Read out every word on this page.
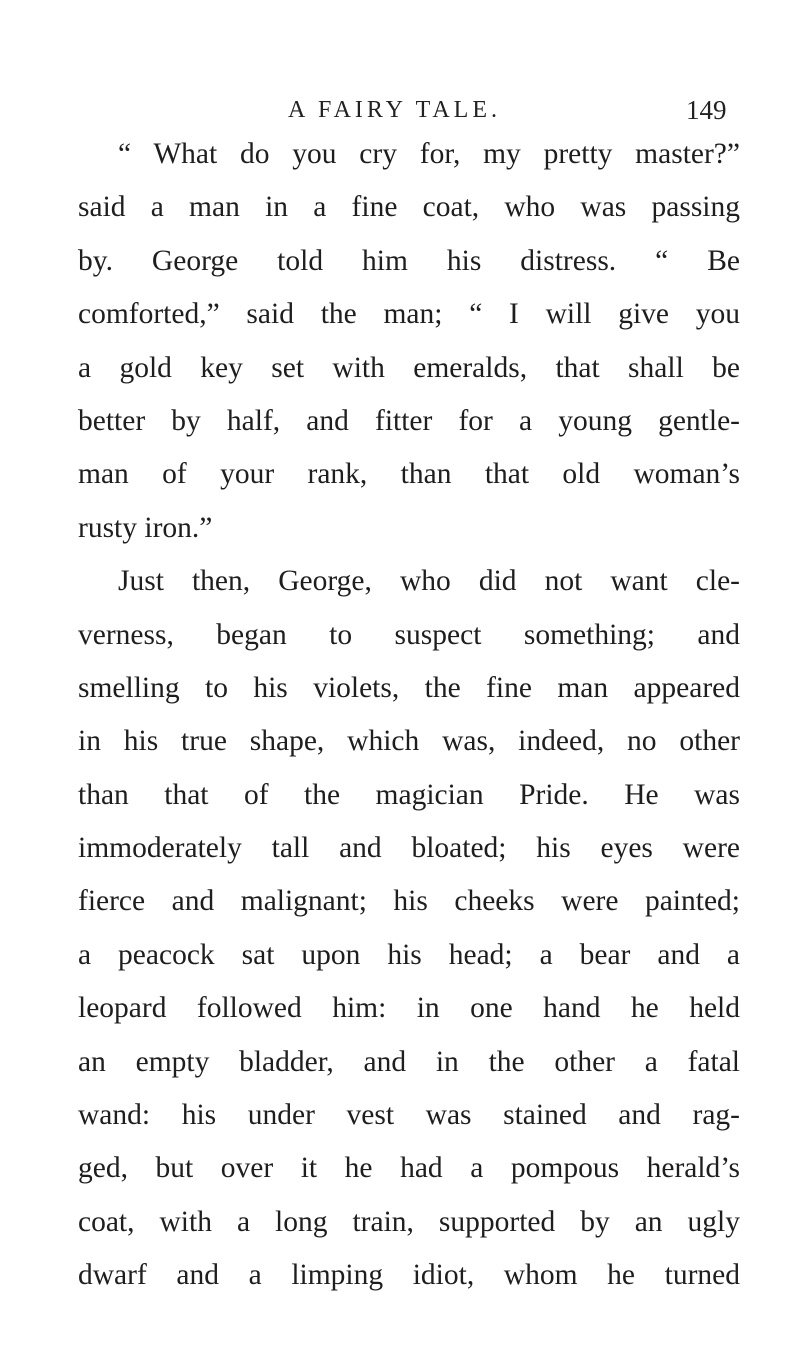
A FAIRY TALE.	149
“ What do you cry for, my pretty master?”
said a man in a fine coat, who was passing
by. George told him his distress. “ Be
comforted,” said the man; “ I will give you
a gold key set with emeralds, that shall be
better by half, and fitter for a young gentle-
man of your rank, than that old woman’s
rusty iron.”
Just then, George, who did not want cle-
verness, began to suspect something; and
smelling to his violets, the fine man appeared
in his true shape, which was, indeed, no other
than that of the magician Pride. He was
immoderately tall and bloated; his eyes were
fierce and malignant; his cheeks were painted;
a peacock sat upon his head; a bear and a
leopard followed him: in one hand he held
an empty bladder, and in the other a fatal
wand: his under vest was stained and rag-
ged, but over it he had a pompous herald’s
coat, with a long train, supported by an ugly
dwarf and a limping idiot, whom he turned
